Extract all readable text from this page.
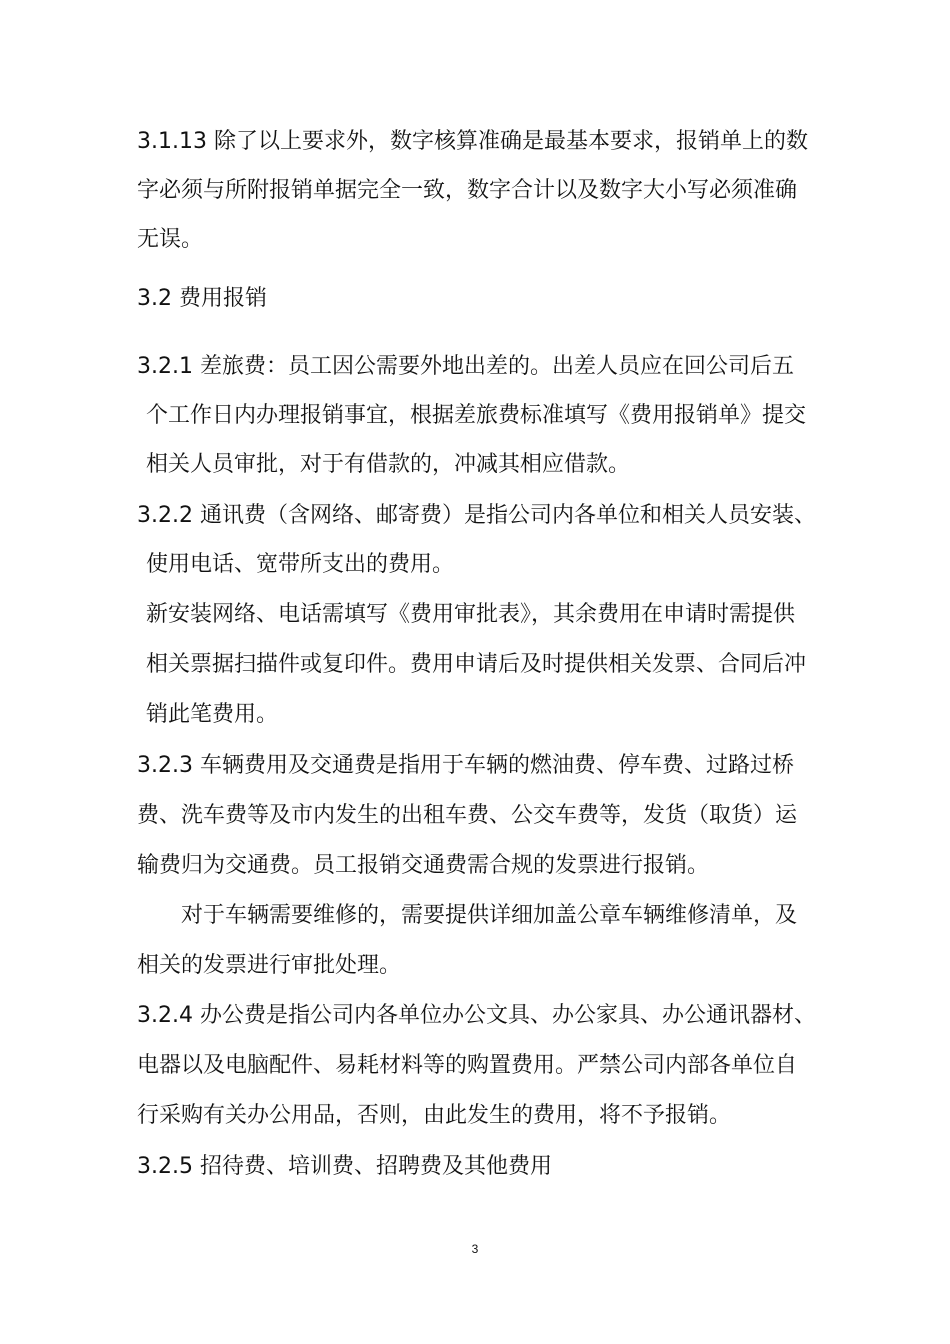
3.1.13 除了以上要求外，数字核算准确是最基本要求，报销单上的数

字必须与所附报销单据完全一致，数字合计以及数字大小写必须准确

无误。

3.2 费用报销

3.2.1 差旅费：员工因公需要外地出差的。出差人员应在回公司后五

个工作日内办理报销事宜，根据差旅费标准填写《费用报销单》提交

相关人员审批，对于有借款的，冲减其相应借款。

3.2.2 通讯费（含网络、邮寄费）是指公司内各单位和相关人员安装、

使用电话、宽带所支出的费用。

新安装网络、电话需填写《费用审批表》，其余费用在申请时需提供

相关票据扫描件或复印件。费用申请后及时提供相关发票、合同后冲

销此笔费用。

3.2.3 车辆费用及交通费是指用于车辆的燃油费、停车费、过路过桥

费、洗车费等及市内发生的出租车费、公交车费等，发货（取货）运

输费归为交通费。员工报销交通费需合规的发票进行报销。

对于车辆需要维修的，需要提供详细加盖公章车辆维修清单，及

相关的发票进行审批处理。

3.2.4 办公费是指公司内各单位办公文具、办公家具、办公通讯器材、

电器以及电脑配件、易耗材料等的购置费用。严禁公司内部各单位自

行采购有关办公用品，否则，由此发生的费用，将不予报销。

3.2.5 招待费、培训费、招聘费及其他费用

3
